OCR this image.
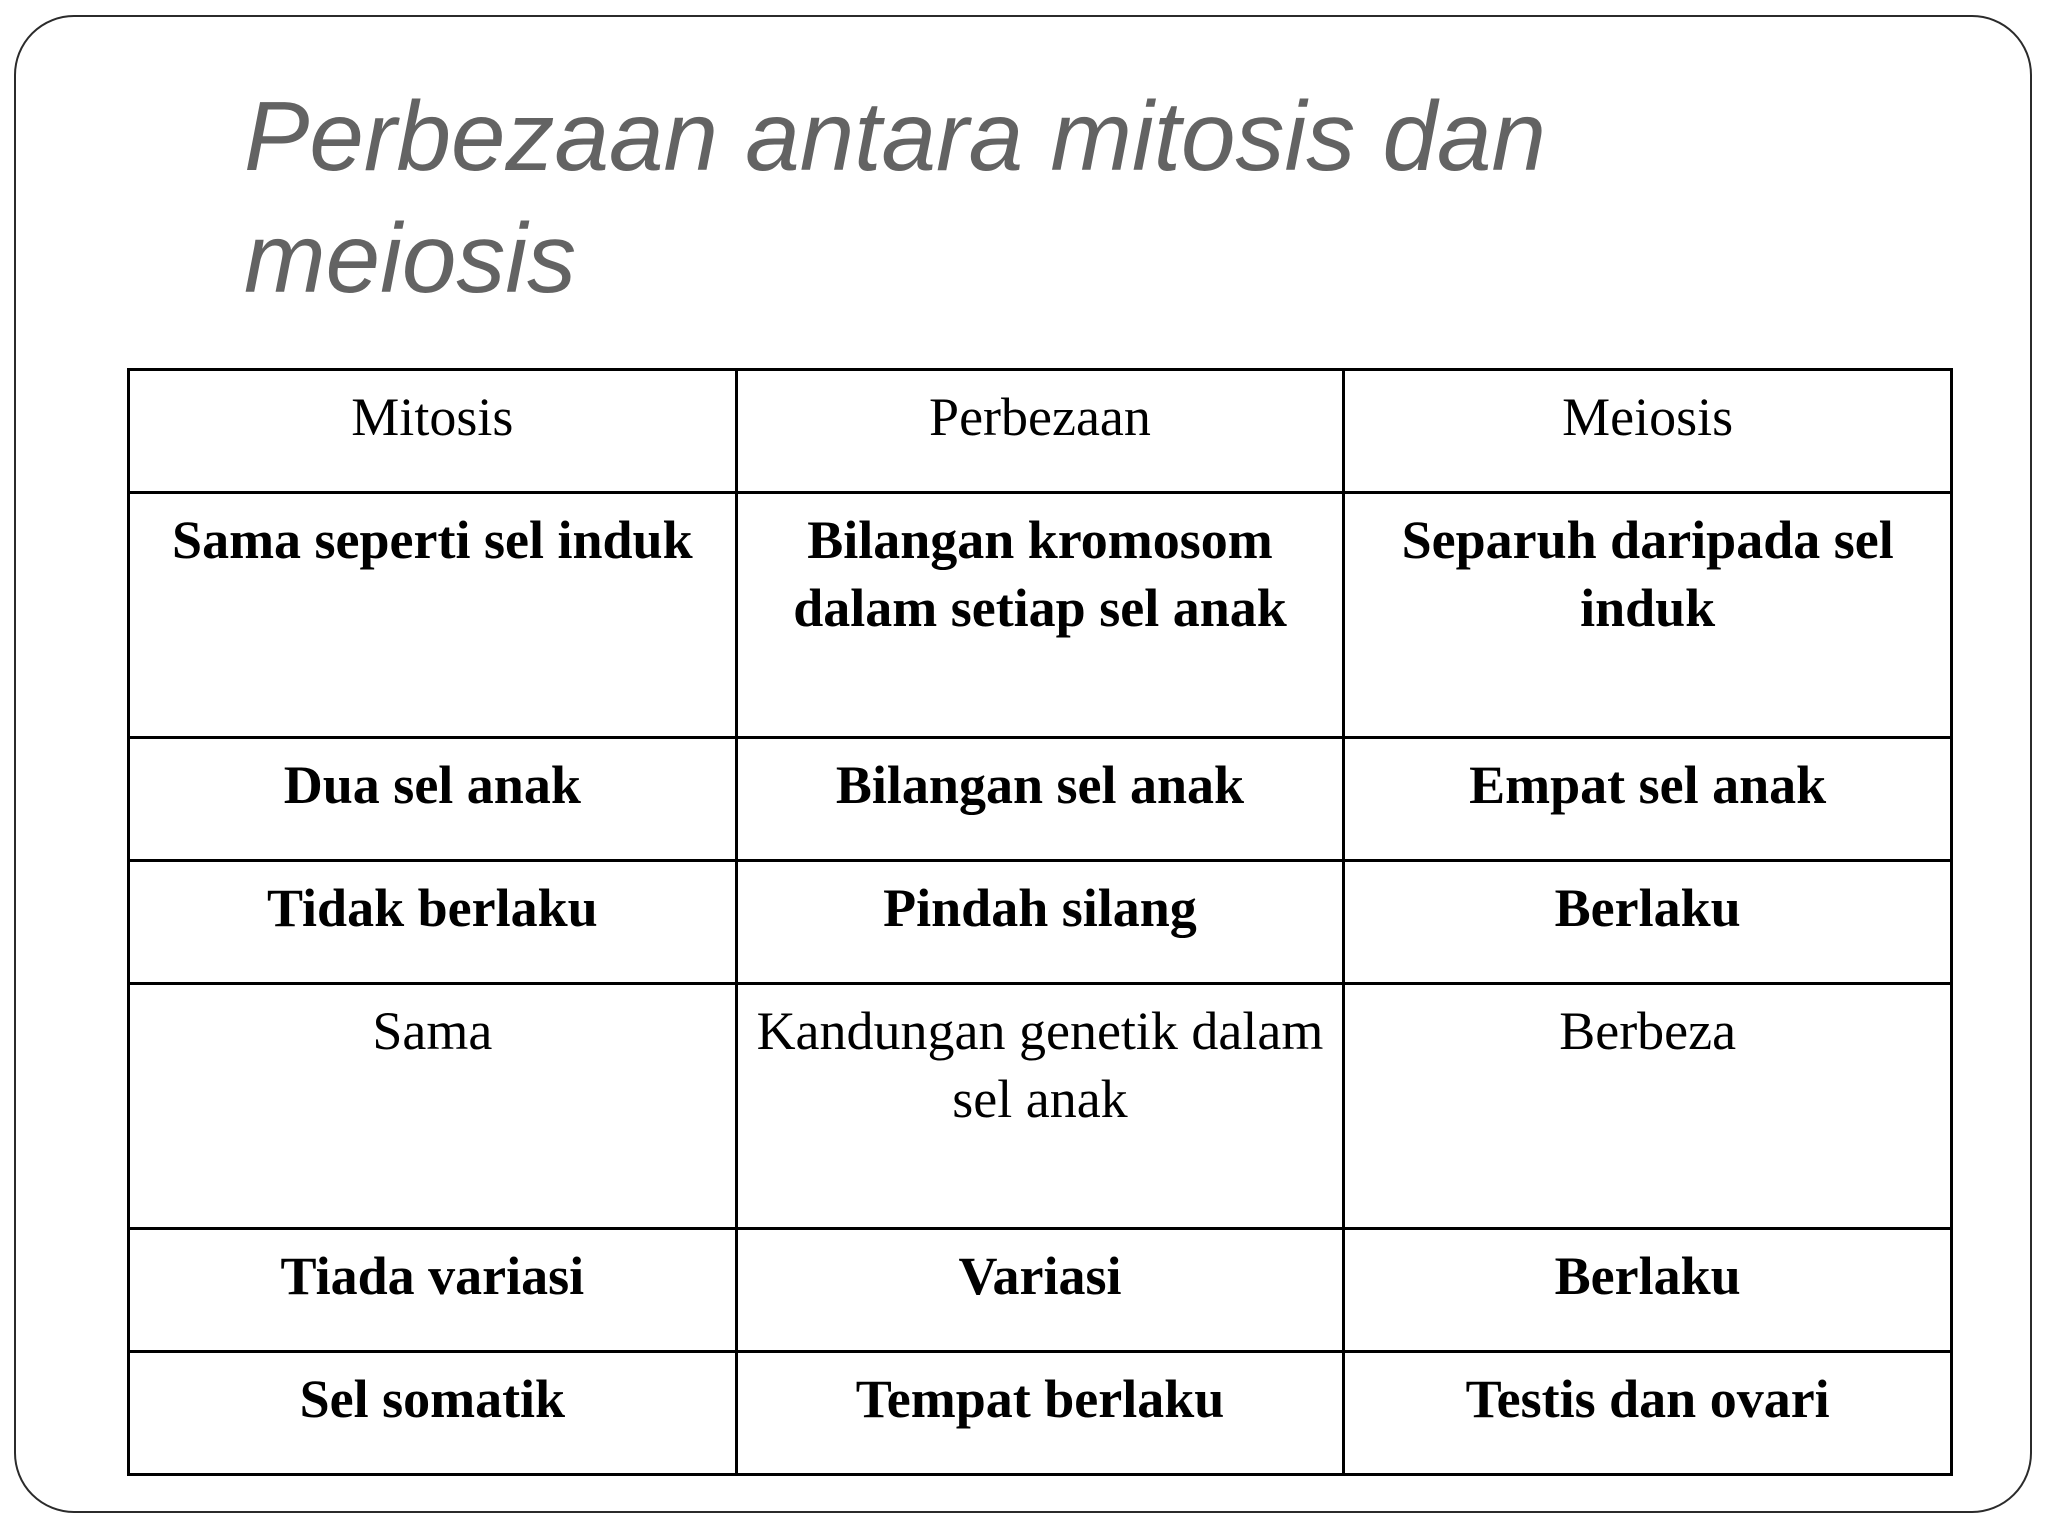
Perbezaan antara mitosis dan
meiosis
Mitosis	Perbezaan	Meiosis
Sama seperti sel induk	Bilangan kromosom dalam setiap sel anak	Separuh daripada sel induk
Dua sel anak	Bilangan sel anak	Empat sel anak
Tidak berlaku	Pindah silang	Berlaku
Sama	Kandungan genetik dalam sel anak	Berbeza
Tiada variasi	Variasi	Berlaku
Sel somatik	Tempat berlaku	Testis dan ovari
